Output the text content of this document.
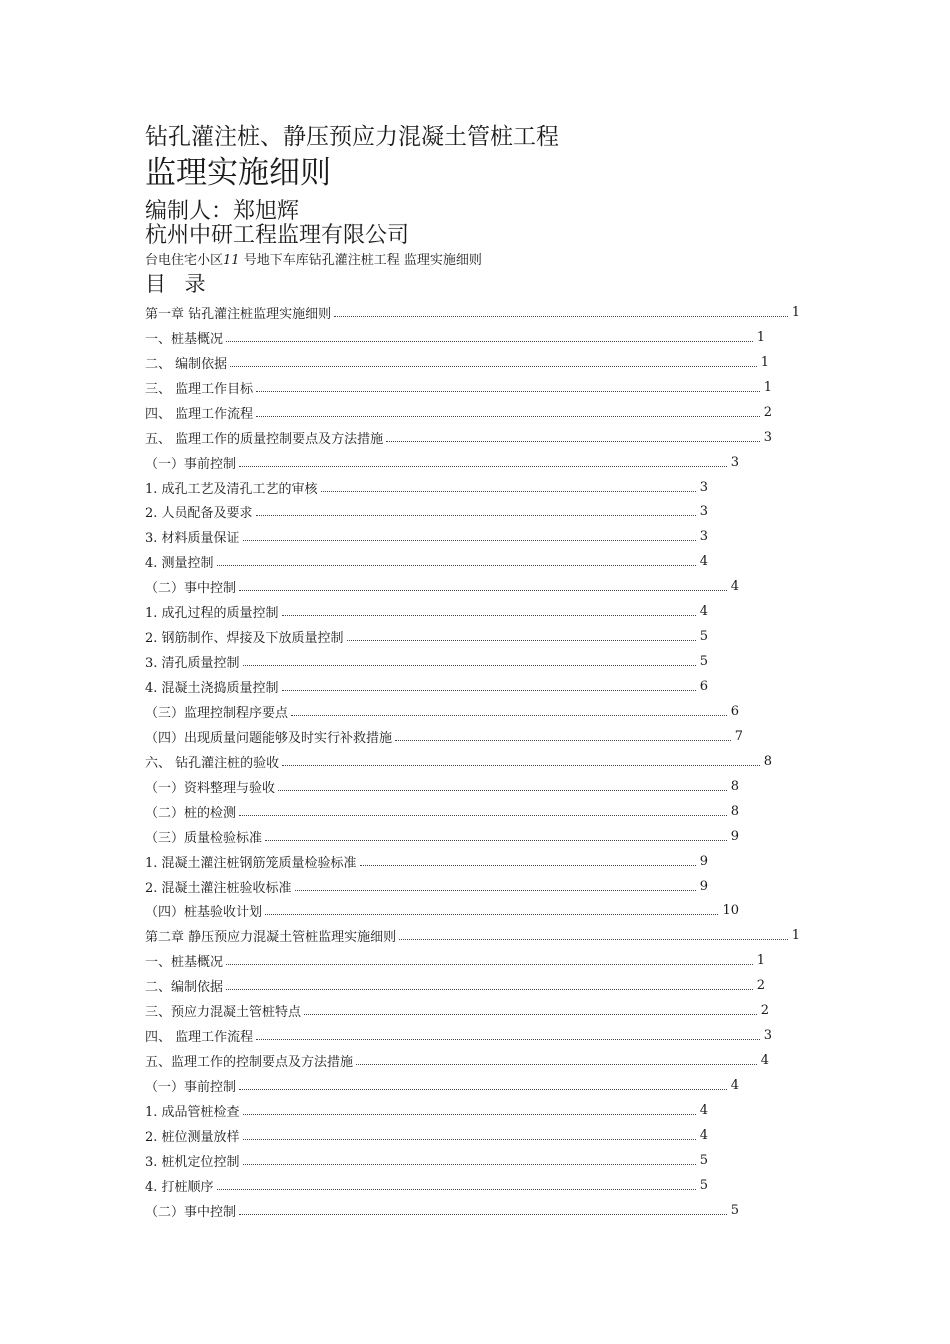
钻孔灌注桩、静压预应力混凝土管桩工程
监理实施细则
编制人：郑旭辉
杭州中研工程监理有限公司
台电住宅小区11 号地下车库钻孔灌注桩工程 监理实施细则
目 录
第一章 钻孔灌注桩监理实施细则	1
一、桩基概况	1
二、 编制依据	1
三、 监理工作目标	1
四、 监理工作流程	2
五、 监理工作的质量控制要点及方法措施	3
（一）事前控制	3
1. 成孔工艺及清孔工艺的审核	3
2. 人员配备及要求	3
3. 材料质量保证	3
4. 测量控制	4
（二）事中控制	4
1. 成孔过程的质量控制	4
2. 钢筋制作、焊接及下放质量控制	5
3. 清孔质量控制	5
4. 混凝土浇捣质量控制	6
（三）监理控制程序要点	6
（四）出现质量问题能够及时实行补救措施	7
六、 钻孔灌注桩的验收	8
（一）资料整理与验收	8
（二）桩的检测	8
（三）质量检验标准	9
1. 混凝土灌注桩钢筋笼质量检验标准	9
2. 混凝土灌注桩验收标准	9
（四）桩基验收计划	10
第二章 静压预应力混凝土管桩监理实施细则	1
一、桩基概况	1
二、编制依据	2
三、预应力混凝土管桩特点	2
四、 监理工作流程	3
五、监理工作的控制要点及方法措施	4
（一）事前控制	4
1. 成品管桩检查	4
2. 桩位测量放样	4
3. 桩机定位控制	5
4. 打桩顺序	5
（二）事中控制	5
